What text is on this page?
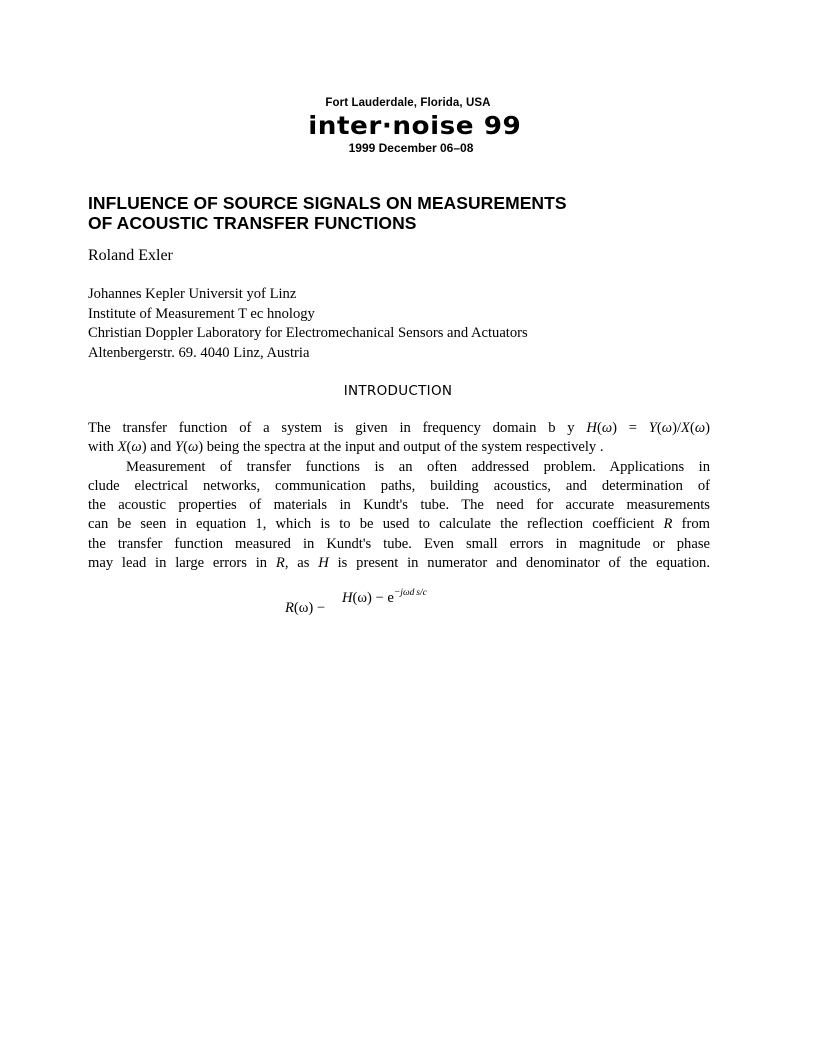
Fort Lauderdale, Florida, USA
inter·noise 99
1999 December 06–08
INFLUENCE OF SOURCE SIGNALS ON MEASUREMENTS
OF ACOUSTIC TRANSFER FUNCTIONS
Roland Exler
Johannes Kepler Universit yof Linz
Institute of Measurement T ec hnology
Christian Doppler Laboratory for Electromechanical Sensors and Actuators
Altenbergerstr. 69. 4040 Linz, Austria
INTRODUCTION
The transfer function of a system is given in frequency domain b y H(ω) = Y(ω)/X(ω)
with X(ω) and Y(ω) being the spectra at the input and output of the system respectively .
Measurement of transfer functions is an often addressed problem. Applications in
clude electrical networks, communication paths, building acoustics, and determination of
the acoustic properties of materials in Kundt's tube. The need for accurate measurements
can be seen in equation 1, which is to be used to calculate the reflection coefficient R from
the transfer function measured in Kundt's tube. Even small errors in magnitude or phase
may lead in large errors in R, as H is present in numerator and denominator of the equation.
R(ω) −
$H(\omega) - e^{-j\omega d s/c}$
